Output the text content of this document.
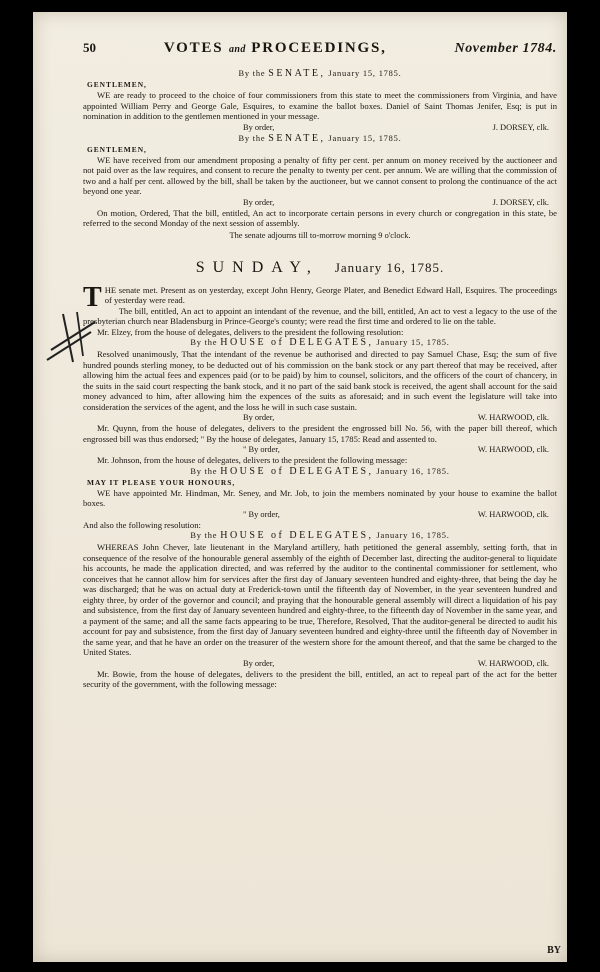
50	VOTES and PROCEEDINGS,	November 1784.
By the SENATE, January 15, 1785.
GENTLEMEN,

WE are ready to proceed to the choice of four commissioners from this state to meet the commissioners from Virginia, and have appointed William Perry and George Gale, Esquires, to examine the ballot boxes. Daniel of Saint Thomas Jenifer, Esq; is put in nomination in addition to the gentlemen mentioned in your message.

By order,	J. DORSEY, clk.
By the SENATE, January 15, 1785.
GENTLEMEN,

WE have received from our amendment proposing a penalty of fifty per cent. per annum on money received by the auctioneer and not paid over as the law requires, and consent to recure the penalty to twenty per cent. per annum. We are willing that the commission of two and a half per cent. allowed by the bill, shall be taken by the auctioneer, but we cannot consent to prolong the continuance of the act beyond one year.

By order,	J. DORSEY, clk.

On motion, Ordered, That the bill, entitled, An act to incorporate certain persons in every church or congregation in this state, be referred to the second Monday of the next session of assembly.

The senate adjourns till to-morrow morning 9 o'clock.
SUNDAY, January 16, 1785.

THE senate met. Present as on yesterday, except John Henry, George Plater, and Benedict Edward Hall, Esquires. The proceedings of yesterday were read.

The bill, entitled, An act to appoint an intendant of the revenue, and the bill, entitled, An act to vest a legacy to the use of the presbyterian church near Bladensburg in Prince-George's county; were read the first time and ordered to lie on the table.

Mr. Elzey, from the house of delegates, delivers to the president the following resolution:

By the HOUSE of DELEGATES, January 15, 1785.

Resolved unanimously, That the intendant of the revenue be authorised and directed to pay Samuel Chase, Esq; the sum of five hundred pounds sterling money, to be deducted out of his commission on the bank stock or any part thereof that may be received, after allowing him the actual fees and expences paid (or to be paid) by him to counsel, solicitors, and the officers of the court of chancery, in the suits in the said court respecting the bank stock, and it no part of the said bank stock is received, the agent shall account for the said money advanced to him, after allowing him the expences of the suits as aforesaid; and in such event the legislature will take into consideration the services of the agent, and the loss he will in such case sustain.

By order,	W. HARWOOD, clk.

Mr. Quynn, from the house of delegates, delivers to the president the engrossed bill No. 56, with the paper bill thereof, which engrossed bill was thus endorsed; " By the house of delegates, January 15, 1785: Read and assented to.

" By order,	W. HARWOOD, clk.

Mr. Johnson, from the house of delegates, delivers to the president the following message:

By the HOUSE of DELEGATES, January 16, 1785.
MAY IT PLEASE YOUR HONOURS,

WE have appointed Mr. Hindman, Mr. Seney, and Mr. Job, to join the members nominated by your house to examine the ballot boxes.

" By order,	W. HARWOOD, clk.

And also the following resolution:

By the HOUSE of DELEGATES, January 16, 1785.

WHEREAS John Chever, late lieutenant in the Maryland artillery, hath petitioned the general assembly, setting forth, that in consequence of the resolve of the honourable general assembly of the eighth of December last, directing the auditor-general to liquidate his accounts, he made the application directed, and was referred by the auditor to the continental commissioner for settlement, who conceives that he cannot allow him for services after the first day of January seventeen hundred and eighty-three, that being the day he was discharged; that he was on actual duty at Frederick-town until the fifteenth day of November, in the year seventeen hundred and eighty three, by order of the governor and council; and praying that the honourable general assembly will direct a liquidation of his pay and subsistence, from the first day of January seventeen hundred and eighty-three, to the fifteenth day of November in the same year, and a payment of the same; and all the same facts appearing to be true, Therefore, Resolved, That the auditor-general be directed to audit his account for pay and subsistence, from the first day of January seventeen hundred and eighty-three until the fifteenth day of November in the same year, and that he have an order on the treasurer of the western shore for the amount thereof, and that the same be charged to the United States.

By order,	W. HARWOOD, clk.

Mr. Bowie, from the house of delegates, delivers to the president the bill, entitled, an act to repeal part of the act for the better security of the government, with the following message:

BY
